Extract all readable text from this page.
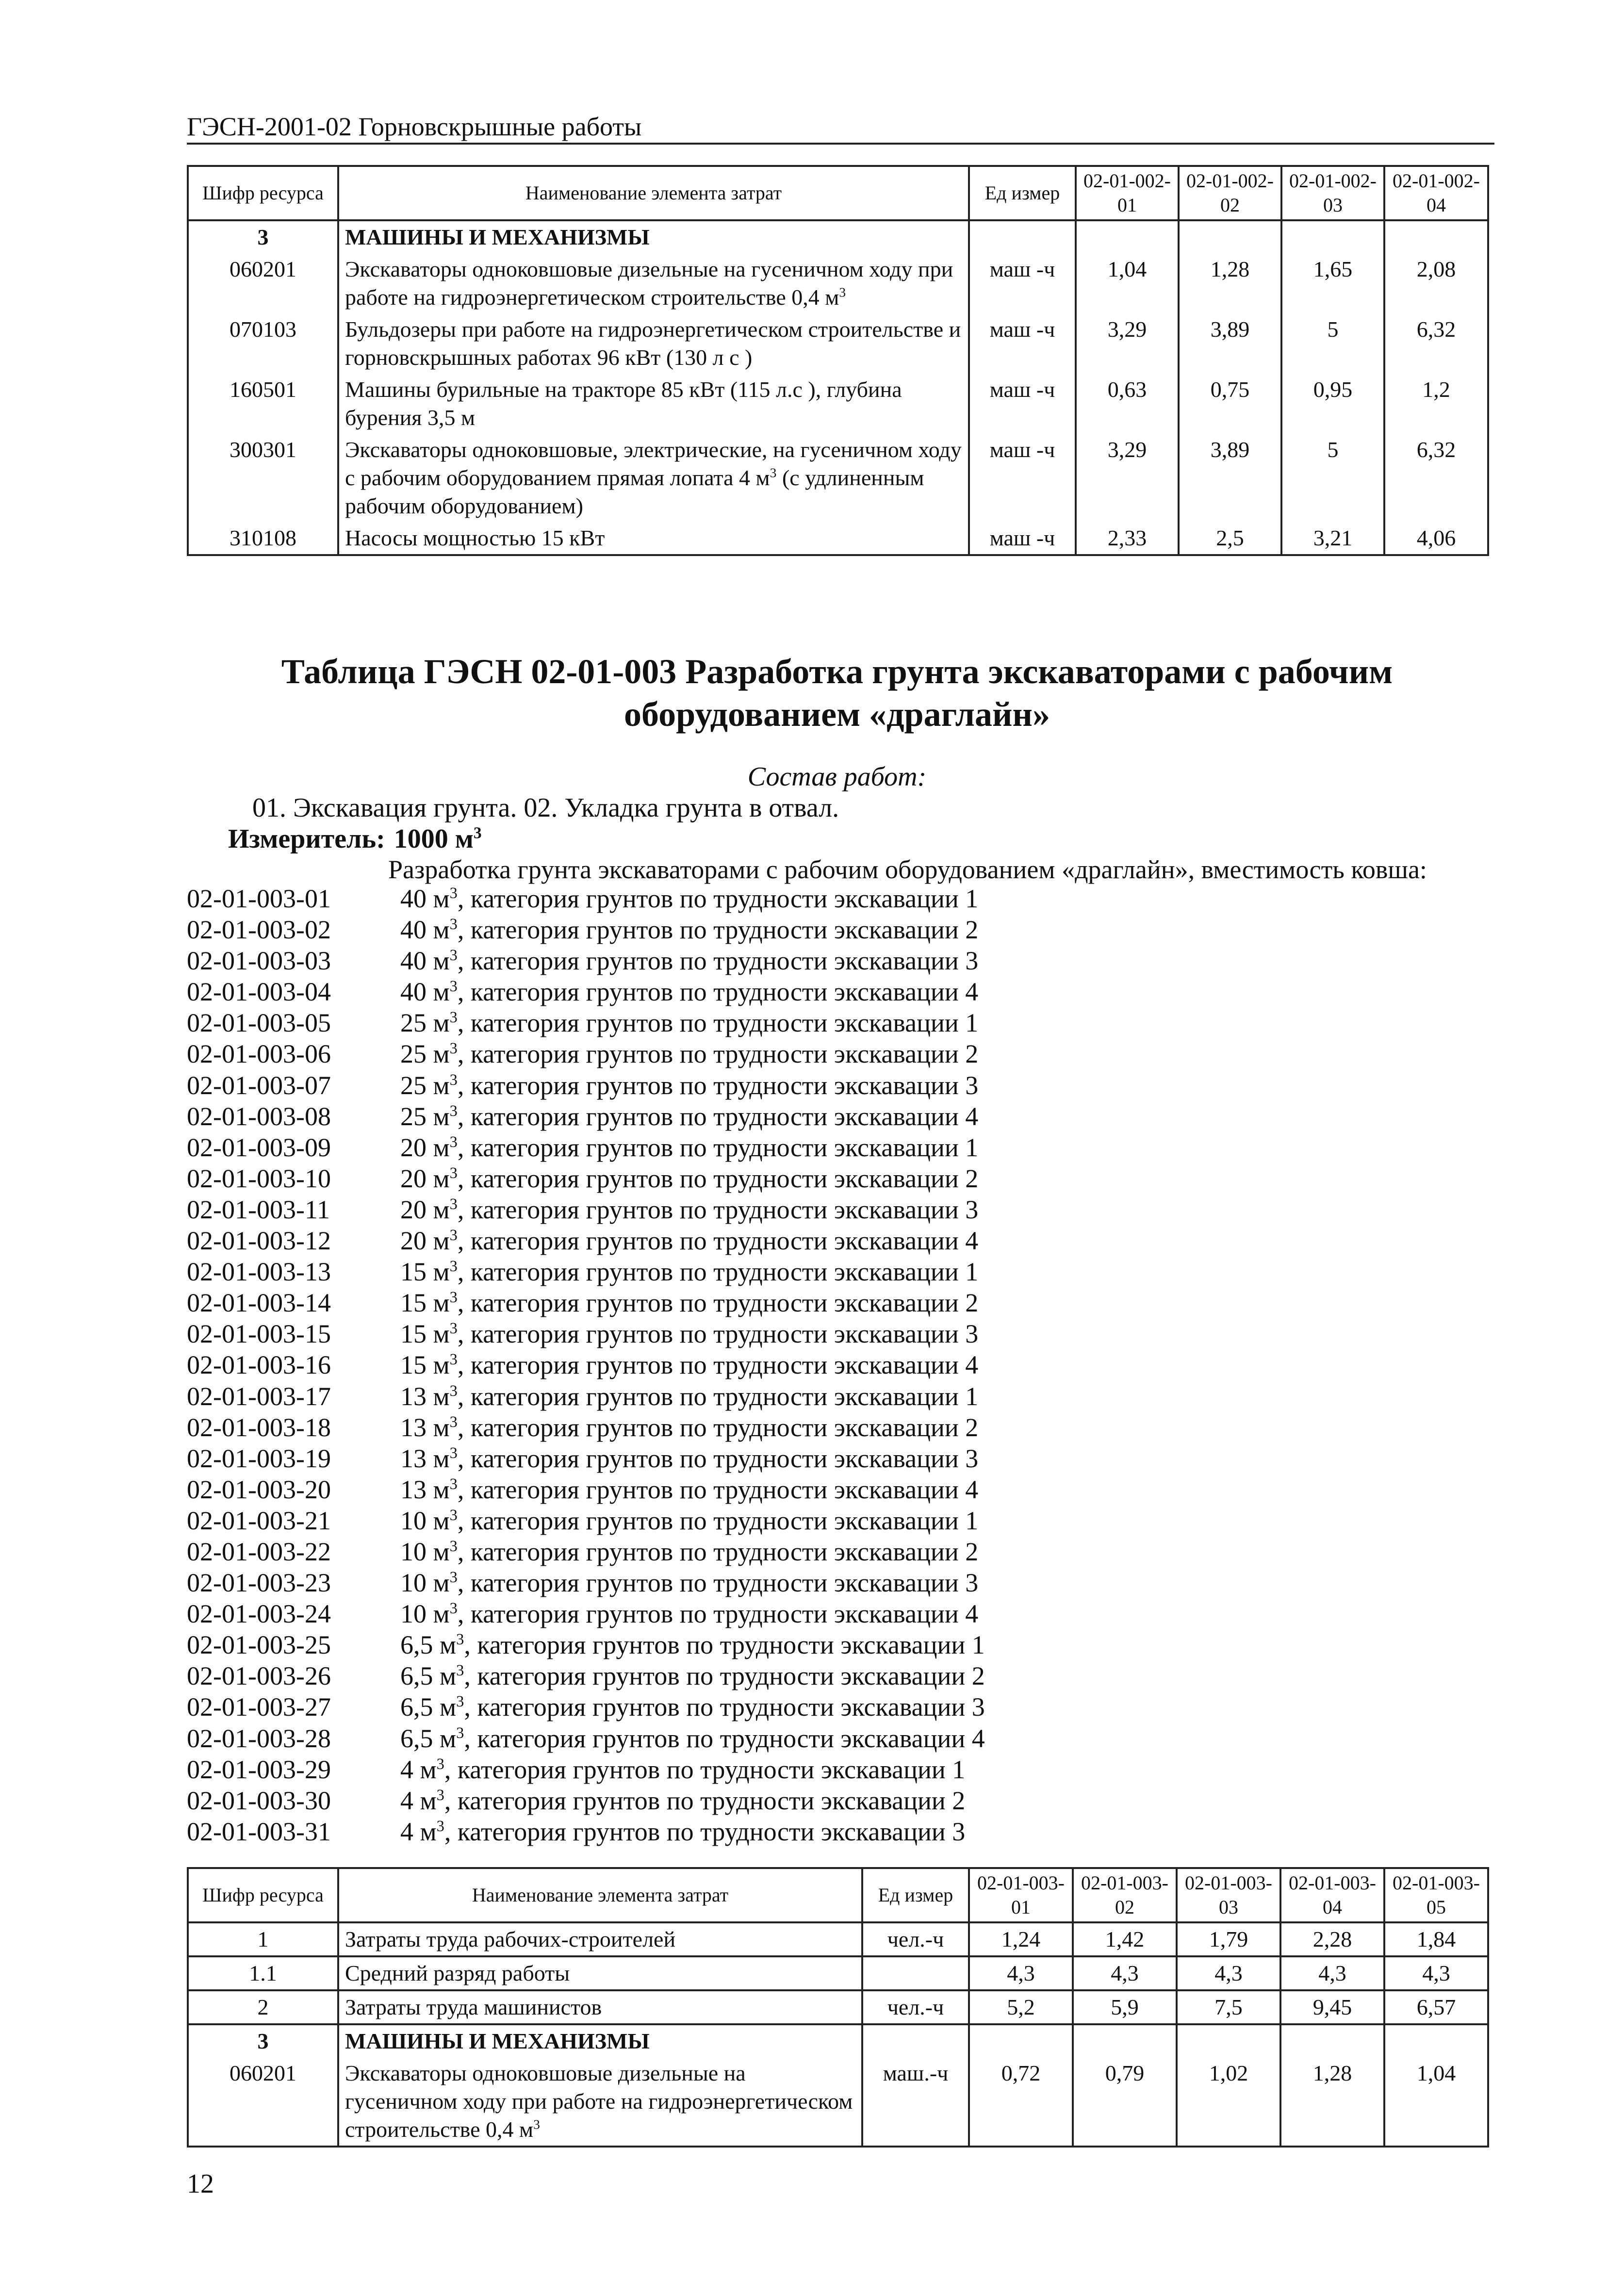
ГЭСН-2001-02 Горновскрышные работы
Шифр ресурса	Наименование элемента затрат	Ед измер	02-01-002-01	02-01-002-02	02-01-002-03	02-01-002-04
3	МАШИНЫ И МЕХАНИЗМЫ					
060201	Экскаваторы одноковшовые дизельные на гусеничном ходу при работе на гидроэнергетическом строительстве 0,4 $м^3$	маш -ч	1,04	1,28	1,65	2,08
070103	Бульдозеры при работе на гидроэнергетическом строительстве и горновскрышных работах 96 кВт (130 л с )	маш -ч	3,29	3,89	5	6,32
160501	Машины бурильные на тракторе 85 кВт (115 л.с ), глубина бурения 3,5 м	маш -ч	0,63	0,75	0,95	1,2
300301	Экскаваторы одноковшовые, электрические, на гусеничном ходу с рабочим оборудованием прямая лопата 4 $м^3$ (с удлиненным рабочим оборудованием)	маш -ч	3,29	3,89	5	6,32
310108	Насосы мощностью 15 кВт	маш -ч	2,33	2,5	3,21	4,06
Таблица ГЭСН 02-01-003 Разработка грунта экскаваторами с рабочим оборудованием «драглайн»
Состав работ:
01. Экскавация грунта. 02. Укладка грунта в отвал.
Измеритель: 1000 $м^3$
Разработка грунта экскаваторами с рабочим оборудованием «драглайн», вместимость ковша:
02-01-003-01	40 $м^3$, категория грунтов по трудности экскавации 1
02-01-003-02	40 $м^3$, категория грунтов по трудности экскавации 2
02-01-003-03	40 $м^3$, категория грунтов по трудности экскавации 3
02-01-003-04	40 $м^3$, категория грунтов по трудности экскавации 4
02-01-003-05	25 $м^3$, категория грунтов по трудности экскавации 1
02-01-003-06	25 $м^3$, категория грунтов по трудности экскавации 2
02-01-003-07	25 $м^3$, категория грунтов по трудности экскавации 3
02-01-003-08	25 $м^3$, категория грунтов по трудности экскавации 4
02-01-003-09	20 $м^3$, категория грунтов по трудности экскавации 1
02-01-003-10	20 $м^3$, категория грунтов по трудности экскавации 2
02-01-003-11	20 $м^3$, категория грунтов по трудности экскавации 3
02-01-003-12	20 $м^3$, категория грунтов по трудности экскавации 4
02-01-003-13	15 $м^3$, категория грунтов по трудности экскавации 1
02-01-003-14	15 $м^3$, категория грунтов по трудности экскавации 2
02-01-003-15	15 $м^3$, категория грунтов по трудности экскавации 3
02-01-003-16	15 $м^3$, категория грунтов по трудности экскавации 4
02-01-003-17	13 $м^3$, категория грунтов по трудности экскавации 1
02-01-003-18	13 $м^3$, категория грунтов по трудности экскавации 2
02-01-003-19	13 $м^3$, категория грунтов по трудности экскавации 3
02-01-003-20	13 $м^3$, категория грунтов по трудности экскавации 4
02-01-003-21	10 $м^3$, категория грунтов по трудности экскавации 1
02-01-003-22	10 $м^3$, категория грунтов по трудности экскавации 2
02-01-003-23	10 $м^3$, категория грунтов по трудности экскавации 3
02-01-003-24	10 $м^3$, категория грунтов по трудности экскавации 4
02-01-003-25	6,5 $м^3$, категория грунтов по трудности экскавации 1
02-01-003-26	6,5 $м^3$, категория грунтов по трудности экскавации 2
02-01-003-27	6,5 $м^3$, категория грунтов по трудности экскавации 3
02-01-003-28	6,5 $м^3$, категория грунтов по трудности экскавации 4
02-01-003-29	4 $м^3$, категория грунтов по трудности экскавации 1
02-01-003-30	4 $м^3$, категория грунтов по трудности экскавации 2
02-01-003-31	4 $м^3$, категория грунтов по трудности экскавации 3
Шифр ресурса	Наименование элемента затрат	Ед измер	02-01-003-01	02-01-003-02	02-01-003-03	02-01-003-04	02-01-003-05
1	Затраты труда рабочих-строителей	чел.-ч	1,24	1,42	1,79	2,28	1,84
1.1	Средний разряд работы		4,3	4,3	4,3	4,3	4,3
2	Затраты труда машинистов	чел.-ч	5,2	5,9	7,5	9,45	6,57
3	МАШИНЫ И МЕХАНИЗМЫ						
060201	Экскаваторы одноковшовые дизельные на гусеничном ходу при работе на гидроэнергетическом строительстве 0,4 $м^3$	маш.-ч	0,72	0,79	1,02	1,28	1,04
12
